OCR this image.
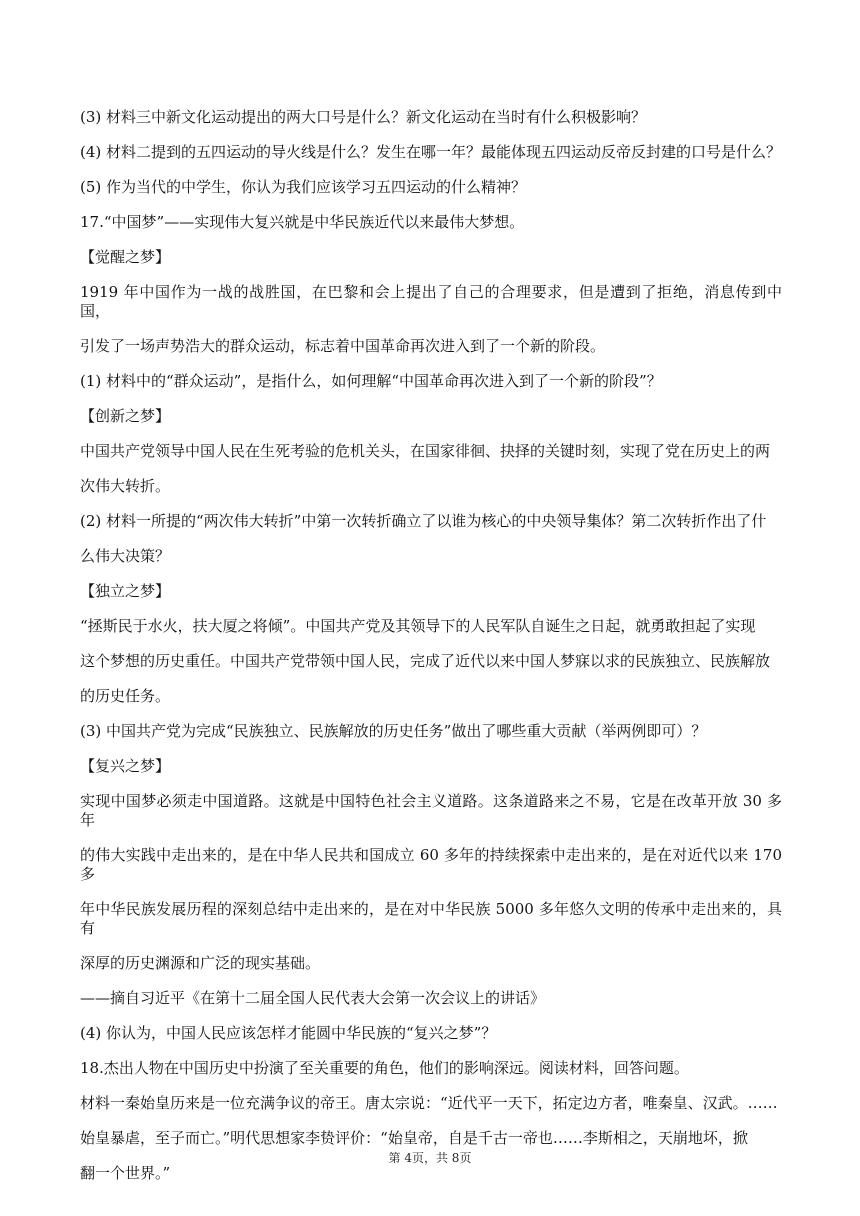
(3) 材料三中新文化运动提出的两大口号是什么？新文化运动在当时有什么积极影响？

(4) 材料二提到的五四运动的导火线是什么？发生在哪一年？最能体现五四运动反帝反封建的口号是什么？

(5) 作为当代的中学生，你认为我们应该学习五四运动的什么精神？

17.“中国梦”——实现伟大复兴就是中华民族近代以来最伟大梦想。

【觉醒之梦】

1919 年中国作为一战的战胜国，在巴黎和会上提出了自己的合理要求，但是遭到了拒绝，消息传到中国，

引发了一场声势浩大的群众运动，标志着中国革命再次进入到了一个新的阶段。

(1) 材料中的“群众运动”，是指什么，如何理解“中国革命再次进入到了一个新的阶段”？

【创新之梦】

中国共产党领导中国人民在生死考验的危机关头，在国家徘徊、抉择的关键时刻，实现了党在历史上的两

次伟大转折。

(2) 材料一所提的“两次伟大转折”中第一次转折确立了以谁为核心的中央领导集体？第二次转折作出了什

么伟大决策？

【独立之梦】

“拯斯民于水火，扶大厦之将倾”。中国共产党及其领导下的人民军队自诞生之日起，就勇敢担起了实现

这个梦想的历史重任。中国共产党带领中国人民，完成了近代以来中国人梦寐以求的民族独立、民族解放

的历史任务。

(3) 中国共产党为完成“民族独立、民族解放的历史任务”做出了哪些重大贡献（举两例即可）？

【复兴之梦】

实现中国梦必须走中国道路。这就是中国特色社会主义道路。这条道路来之不易，它是在改革开放 30 多年

的伟大实践中走出来的，是在中华人民共和国成立 60 多年的持续探索中走出来的，是在对近代以来 170 多

年中华民族发展历程的深刻总结中走出来的，是在对中华民族 5000 多年悠久文明的传承中走出来的，具有

深厚的历史渊源和广泛的现实基础。

——摘自习近平《在第十二届全国人民代表大会第一次会议上的讲话》

(4) 你认为，中国人民应该怎样才能圆中华民族的“复兴之梦”？

18.杰出人物在中国历史中扮演了至关重要的角色，他们的影响深远。阅读材料，回答问题。

材料一秦始皇历来是一位充满争议的帝王。唐太宗说：“近代平一天下，拓定边方者，唯秦皇、汉武。……

始皇暴虐，至子而亡。”明代思想家李贽评价：“始皇帝，自是千古一帝也……李斯相之，天崩地坏，掀

翻一个世界。”

第 4页，共 8页
